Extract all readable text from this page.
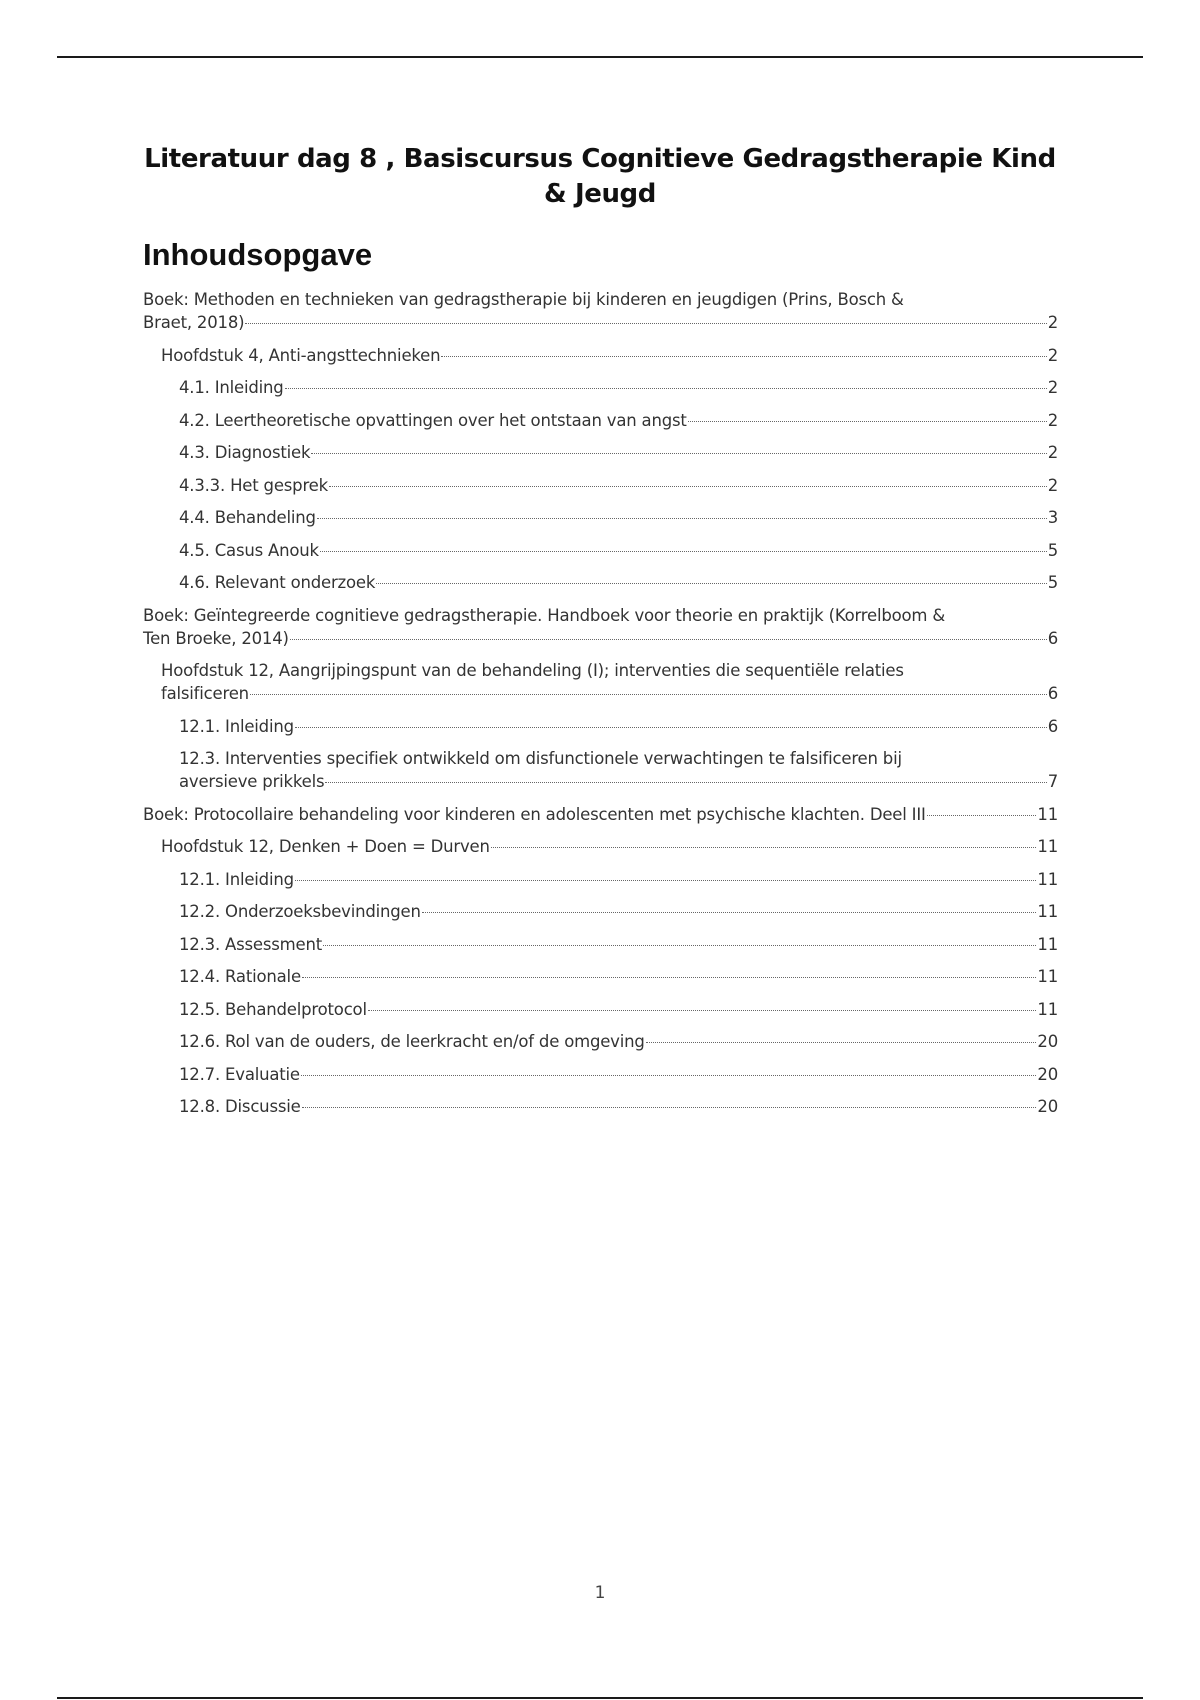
Literatuur dag 8 , Basiscursus Cognitieve Gedragstherapie Kind & Jeugd
Inhoudsopgave
Boek: Methoden en technieken van gedragstherapie bij kinderen en jeugdigen (Prins, Bosch &
Braet, 2018)	2
Hoofdstuk 4, Anti-angsttechnieken	2
4.1. Inleiding	2
4.2. Leertheoretische opvattingen over het ontstaan van angst	2
4.3. Diagnostiek	2
4.3.3. Het gesprek	2
4.4. Behandeling	3
4.5. Casus Anouk	5
4.6. Relevant onderzoek	5
Boek: Geïntegreerde cognitieve gedragstherapie. Handboek voor theorie en praktijk (Korrelboom &
Ten Broeke, 2014)	6
Hoofdstuk 12, Aangrijpingspunt van de behandeling (I); interventies die sequentiële relaties
falsificeren	6
12.1. Inleiding	6
12.3. Interventies specifiek ontwikkeld om disfunctionele verwachtingen te falsificeren bij
aversieve prikkels	7
Boek: Protocollaire behandeling voor kinderen en adolescenten met psychische klachten. Deel III	11
Hoofdstuk 12, Denken + Doen = Durven	11
12.1. Inleiding	11
12.2. Onderzoeksbevindingen	11
12.3. Assessment	11
12.4. Rationale	11
12.5. Behandelprotocol	11
12.6. Rol van de ouders, de leerkracht en/of de omgeving	20
12.7. Evaluatie	20
12.8. Discussie	20
1
